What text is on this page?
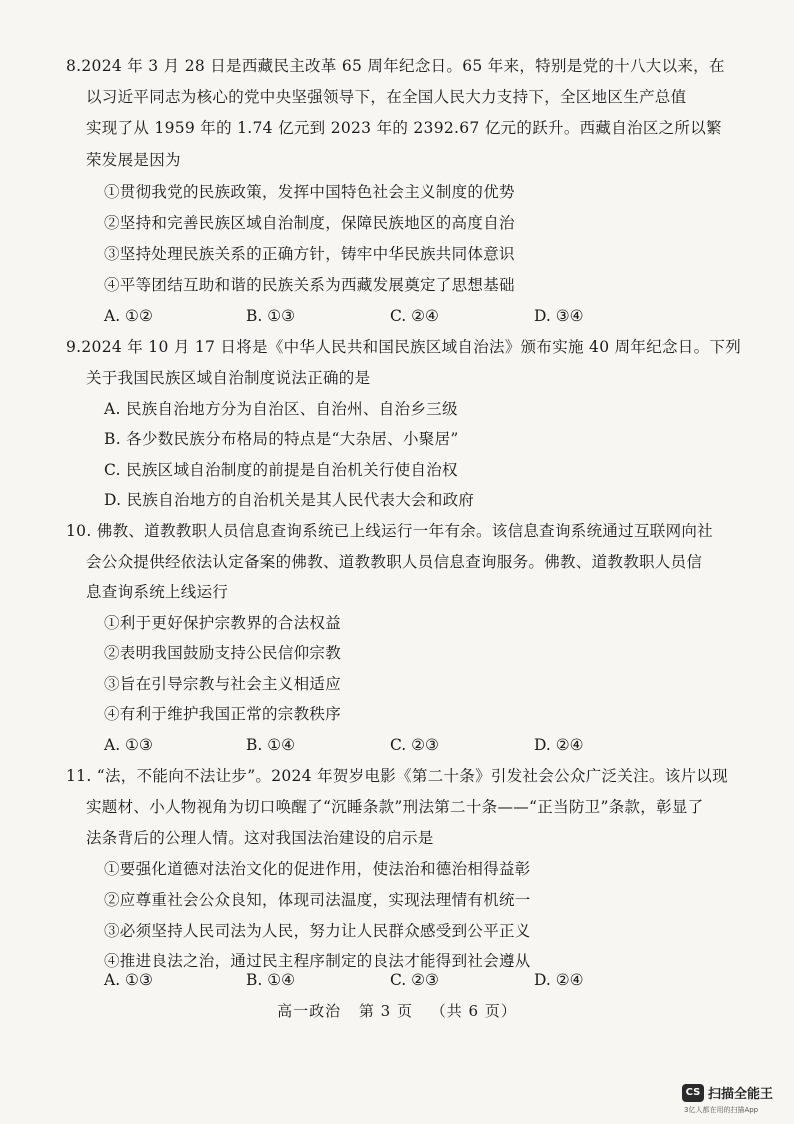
8.2024 年 3 月 28 日是西藏民主改革 65 周年纪念日。65 年来，特别是党的十八大以来，在
以习近平同志为核心的党中央坚强领导下，在全国人民大力支持下，全区地区生产总值
实现了从 1959 年的 1.74 亿元到 2023 年的 2392.67 亿元的跃升。西藏自治区之所以繁
荣发展是因为
①贯彻我党的民族政策，发挥中国特色社会主义制度的优势
②坚持和完善民族区域自治制度，保障民族地区的高度自治
③坚持处理民族关系的正确方针，铸牢中华民族共同体意识
④平等团结互助和谐的民族关系为西藏发展奠定了思想基础
A. ①②	B. ①③	C. ②④	D. ③④
9.2024 年 10 月 17 日将是《中华人民共和国民族区域自治法》颁布实施 40 周年纪念日。下列
关于我国民族区域自治制度说法正确的是
A. 民族自治地方分为自治区、自治州、自治乡三级
B. 各少数民族分布格局的特点是“大杂居、小聚居”
C. 民族区域自治制度的前提是自治机关行使自治权
D. 民族自治地方的自治机关是其人民代表大会和政府
10. 佛教、道教教职人员信息查询系统已上线运行一年有余。该信息查询系统通过互联网向社
会公众提供经依法认定备案的佛教、道教教职人员信息查询服务。佛教、道教教职人员信
息查询系统上线运行
①利于更好保护宗教界的合法权益
②表明我国鼓励支持公民信仰宗教
③旨在引导宗教与社会主义相适应
④有利于维护我国正常的宗教秩序
A. ①③	B. ①④	C. ②③	D. ②④
11. “法，不能向不法让步”。2024 年贺岁电影《第二十条》引发社会公众广泛关注。该片以现
实题材、小人物视角为切口唤醒了“沉睡条款”刑法第二十条——“正当防卫”条款，彰显了
法条背后的公理人情。这对我国法治建设的启示是
①要强化道德对法治文化的促进作用，使法治和德治相得益彰
②应尊重社会公众良知，体现司法温度，实现法理情有机统一
③必须坚持人民司法为人民，努力让人民群众感受到公平正义
④推进良法之治，通过民主程序制定的良法才能得到社会遵从
A. ①③	B. ①④	C. ②③	D. ②④
高一政治 第 3 页 （共 6 页）
CS 扫描全能王
3亿人都在用的扫描App
